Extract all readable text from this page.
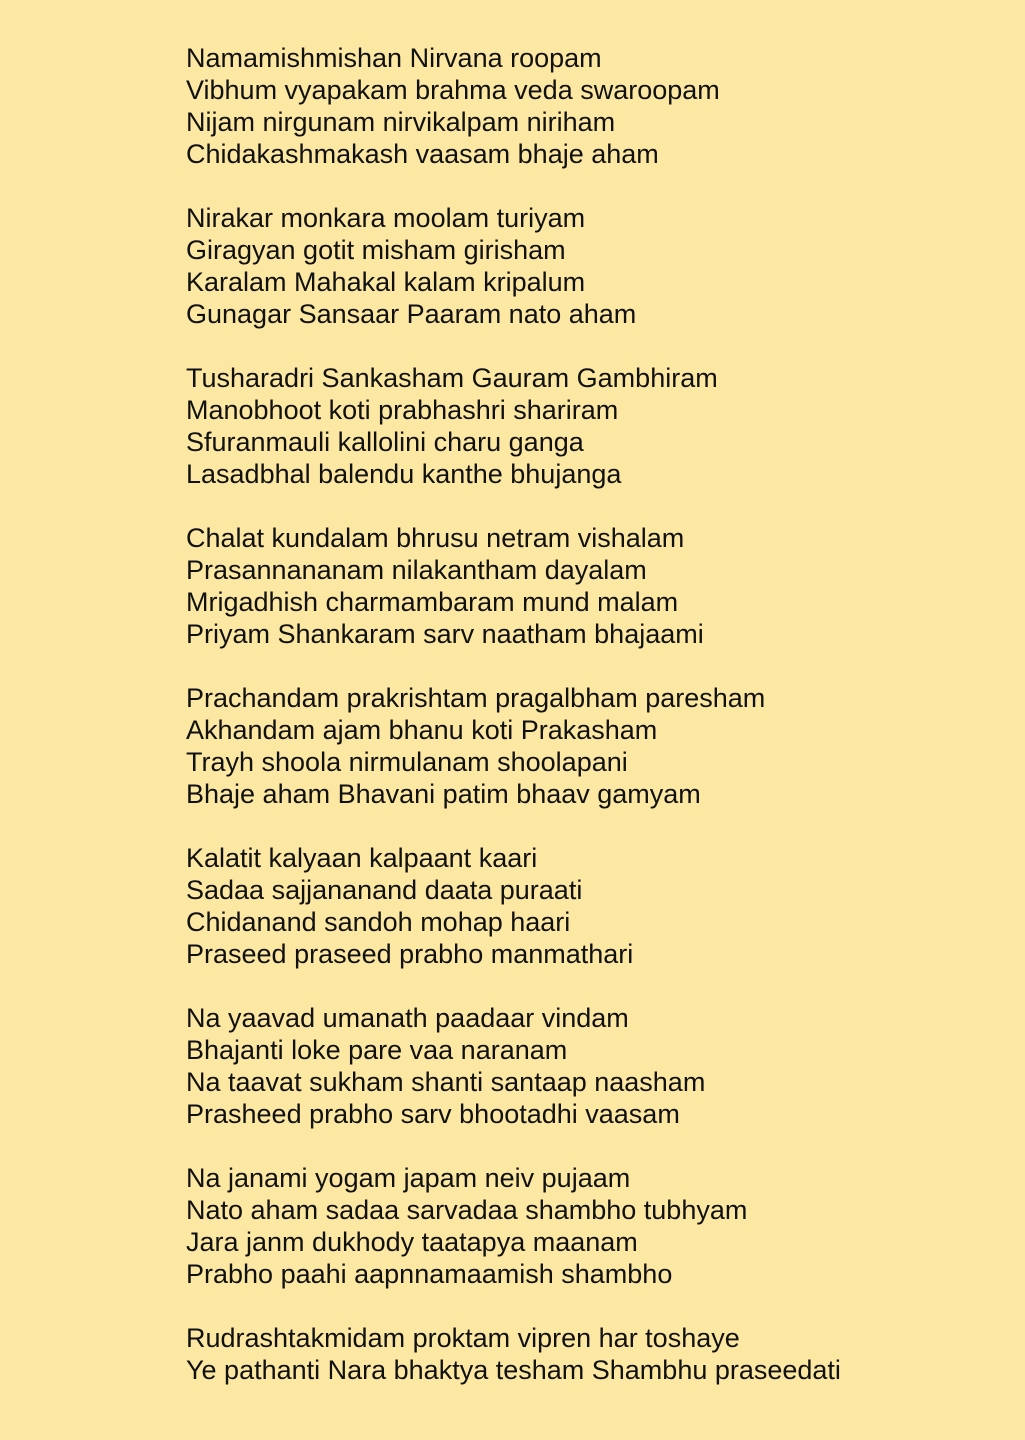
Namamishmishan Nirvana roopam
Vibhum vyapakam brahma veda swaroopam
Nijam nirgunam nirvikalpam niriham
Chidakashmakash vaasam bhaje aham
Nirakar monkara moolam turiyam
Giragyan gotit misham girisham
Karalam Mahakal kalam kripalum
Gunagar Sansaar Paaram nato aham
Tusharadri Sankasham Gauram Gambhiram
Manobhoot koti prabhashri shariram
Sfuranmauli kallolini charu ganga
Lasadbhal balendu kanthe bhujanga
Chalat kundalam bhrusu netram vishalam
Prasannananam nilakantham dayalam
Mrigadhish charmambaram mund malam
Priyam Shankaram sarv naatham bhajaami
Prachandam prakrishtam pragalbham paresham
Akhandam ajam bhanu koti Prakasham
Trayh shoola nirmulanam shoolapani
Bhaje aham Bhavani patim bhaav gamyam
Kalatit kalyaan kalpaant kaari
Sadaa sajjananand daata puraati
Chidanand sandoh mohap haari
Praseed praseed prabho manmathari
Na yaavad umanath paadaar vindam
Bhajanti loke pare vaa naranam
Na taavat sukham shanti santaap naasham
Prasheed prabho sarv bhootadhi vaasam
Na janami yogam japam neiv pujaam
Nato aham sadaa sarvadaa shambho tubhyam
Jara janm dukhody taatapya maanam
Prabho paahi aapnnamaamish shambho
Rudrashtakmidam proktam vipren har toshaye
Ye pathanti Nara bhaktya tesham Shambhu praseedati
